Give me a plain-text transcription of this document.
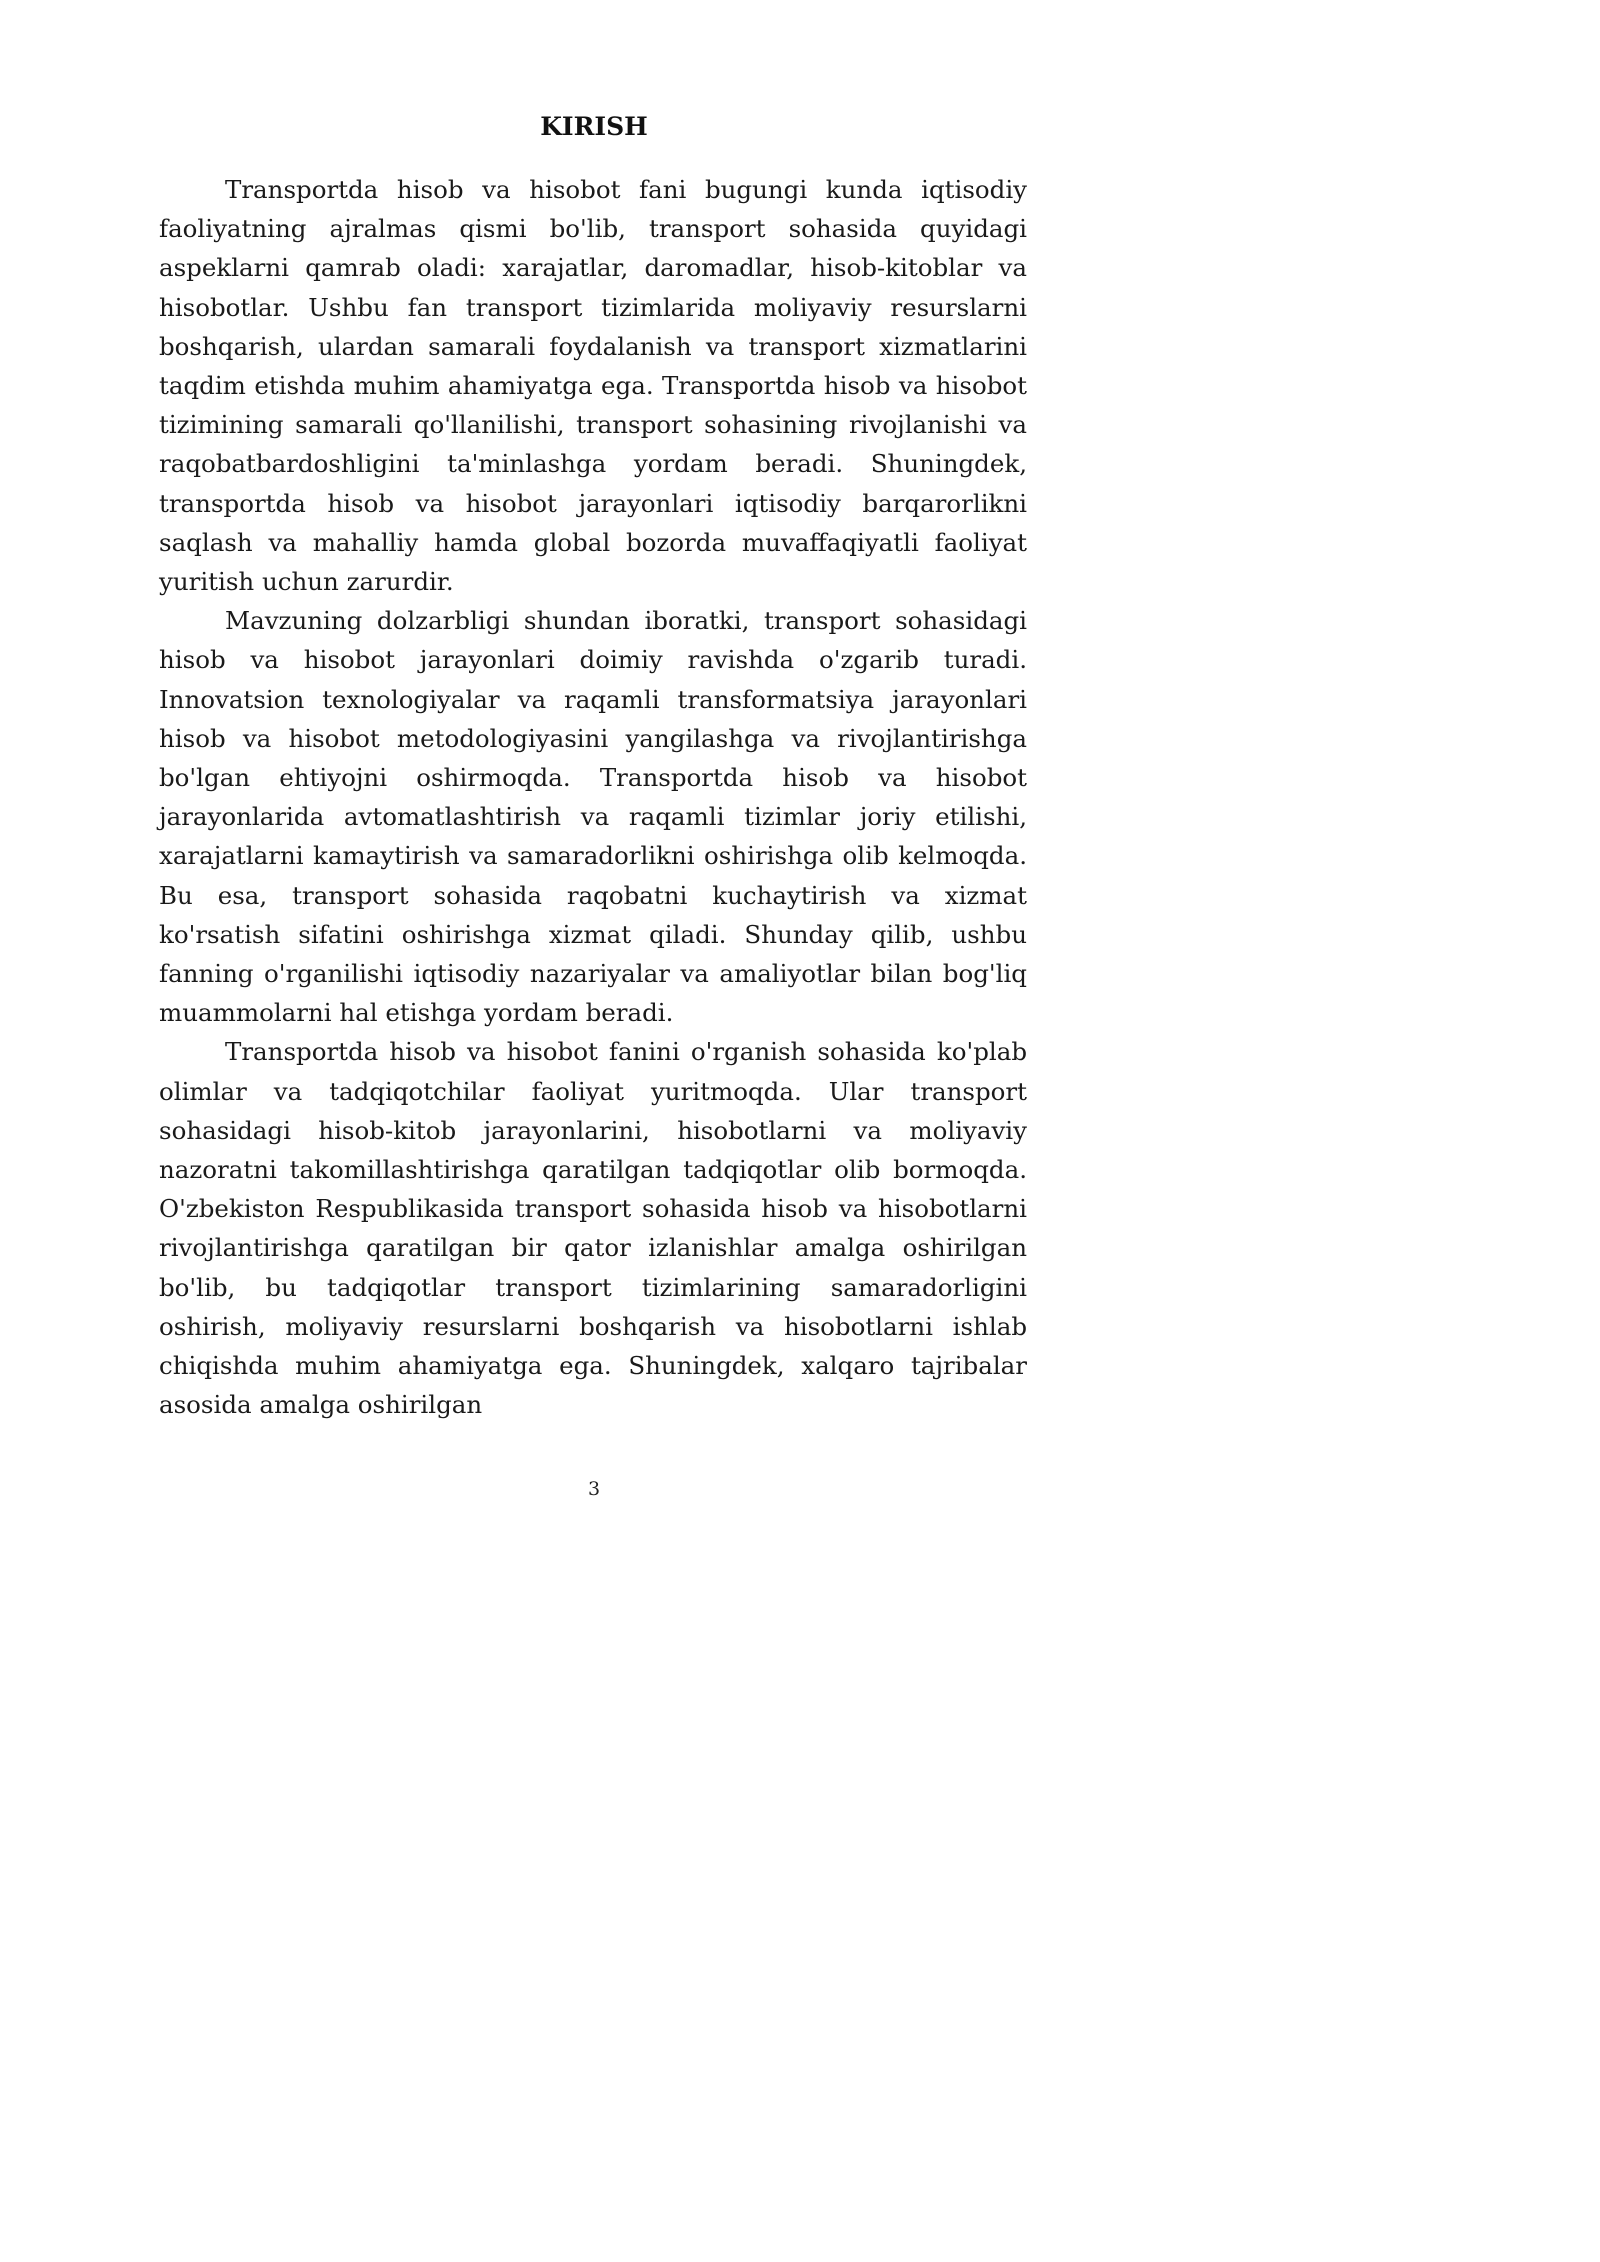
KIRISH

Transportda hisob va hisobot fani bugungi kunda iqtisodiy faoliyatning ajralmas qismi bo'lib, transport sohasida quyidagi aspeklarni qamrab oladi: xarajatlar, daromadlar, hisob-kitoblar va hisobotlar. Ushbu fan transport tizimlarida moliyaviy resurslarni boshqarish, ulardan samarali foydalanish va transport xizmatlarini taqdim etishda muhim ahamiyatga ega. Transportda hisob va hisobot tizimining samarali qo'llanilishi, transport sohasining rivojlanishi va raqobatbardoshligini ta'minlashga yordam beradi. Shuningdek, transportda hisob va hisobot jarayonlari iqtisodiy barqarorlikni saqlash va mahalliy hamda global bozorda muvaffaqiyatli faoliyat yuritish uchun zarurdir.

Mavzuning dolzarbligi shundan iboratki, transport sohasidagi hisob va hisobot jarayonlari doimiy ravishda o'zgarib turadi. Innovatsion texnologiyalar va raqamli transformatsiya jarayonlari hisob va hisobot metodologiyasini yangilashga va rivojlantirishga bo'lgan ehtiyojni oshirmoqda. Transportda hisob va hisobot jarayonlarida avtomatlashtirish va raqamli tizimlar joriy etilishi, xarajatlarni kamaytirish va samaradorlikni oshirishga olib kelmoqda. Bu esa, transport sohasida raqobatni kuchaytirish va xizmat ko'rsatish sifatini oshirishga xizmat qiladi. Shunday qilib, ushbu fanning o'rganilishi iqtisodiy nazariyalar va amaliyotlar bilan bog'liq muammolarni hal etishga yordam beradi.

Transportda hisob va hisobot fanini o'rganish sohasida ko'plab olimlar va tadqiqotchilar faoliyat yuritmoqda. Ular transport sohasidagi hisob-kitob jarayonlarini, hisobotlarni va moliyaviy nazoratni takomillashtirishga qaratilgan tadqiqotlar olib bormoqda. O'zbekiston Respublikasida transport sohasida hisob va hisobotlarni rivojlantirishga qaratilgan bir qator izlanishlar amalga oshirilgan bo'lib, bu tadqiqotlar transport tizimlarining samaradorligini oshirish, moliyaviy resurslarni boshqarish va hisobotlarni ishlab chiqishda muhim ahamiyatga ega. Shuningdek, xalqaro tajribalar asosida amalga oshirilgan

3
